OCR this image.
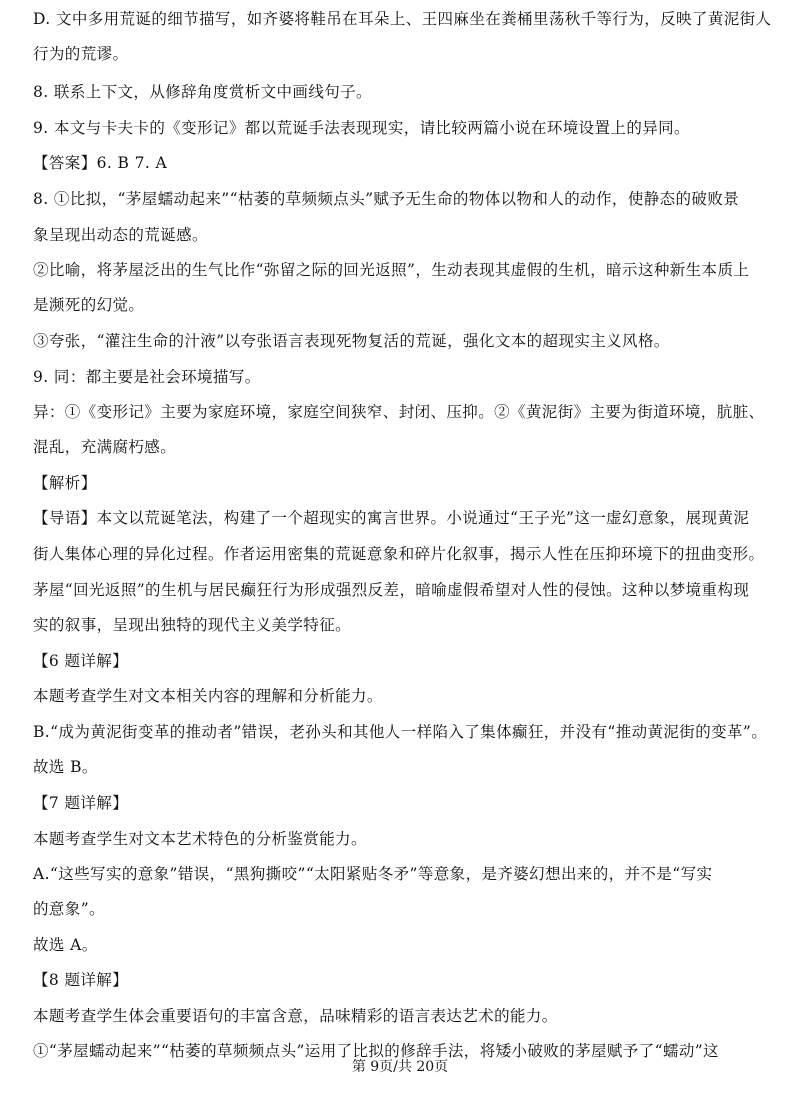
D. 文中多用荒诞的细节描写，如齐婆将鞋吊在耳朵上、王四麻坐在粪桶里荡秋千等行为，反映了黄泥街人
行为的荒谬。
8. 联系上下文，从修辞角度赏析文中画线句子。
9. 本文与卡夫卡的《变形记》都以荒诞手法表现现实，请比较两篇小说在环境设置上的异同。
【答案】6. B 7. A
8. ①比拟，“茅屋蠕动起来”“枯萎的草频频点头”赋予无生命的物体以物和人的动作，使静态的破败景
象呈现出动态的荒诞感。
②比喻，将茅屋泛出的生气比作“弥留之际的回光返照”，生动表现其虚假的生机，暗示这种新生本质上
是濒死的幻觉。
③夸张，“灌注生命的汁液”以夸张语言表现死物复活的荒诞，强化文本的超现实主义风格。
9. 同：都主要是社会环境描写。
异：①《变形记》主要为家庭环境，家庭空间狭窄、封闭、压抑。②《黄泥街》主要为街道环境，肮脏、
混乱，充满腐朽感。
【解析】
【导语】本文以荒诞笔法，构建了一个超现实的寓言世界。小说通过“王子光”这一虚幻意象，展现黄泥
街人集体心理的异化过程。作者运用密集的荒诞意象和碎片化叙事，揭示人性在压抑环境下的扭曲变形。
茅屋“回光返照”的生机与居民癫狂行为形成强烈反差，暗喻虚假希望对人性的侵蚀。这种以梦境重构现
实的叙事，呈现出独特的现代主义美学特征。
【6 题详解】
本题考查学生对文本相关内容的理解和分析能力。
B.“成为黄泥街变革的推动者”错误，老孙头和其他人一样陷入了集体癫狂，并没有“推动黄泥街的变革”。
故选 B。
【7 题详解】
本题考查学生对文本艺术特色的分析鉴赏能力。
A.“这些写实的意象”错误，“黑狗撕咬”“太阳紧贴冬矛”等意象，是齐婆幻想出来的，并不是“写实
的意象”。
故选 A。
【8 题详解】
本题考查学生体会重要语句的丰富含意，品味精彩的语言表达艺术的能力。
①“茅屋蠕动起来”“枯萎的草频频点头”运用了比拟的修辞手法，将矮小破败的茅屋赋予了“蠕动”这
第 9页/共 20页
